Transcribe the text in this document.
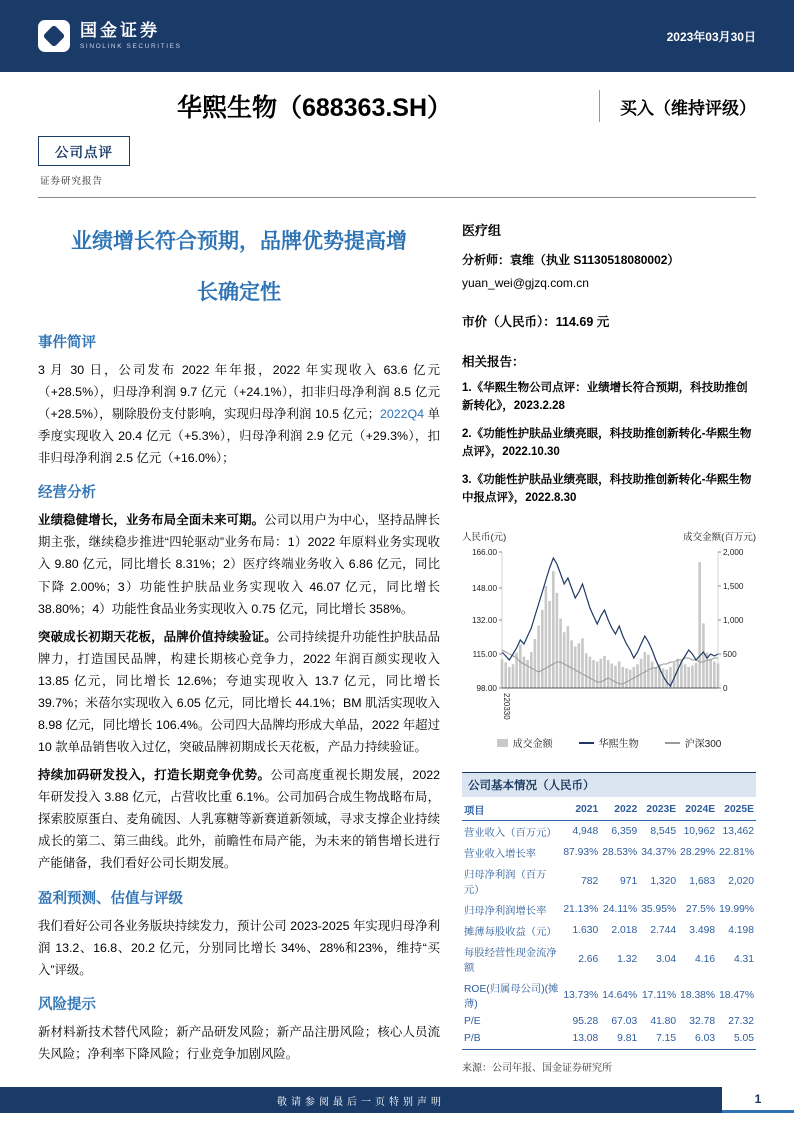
国金证券
SINOLINK SECURITIES
2023年03月30日
华熙生物（688363.SH）	买入（维持评级）
公司点评
证券研究报告
业绩增长符合预期，品牌优势提高增
长确定性
事件简评

3 月 30 日，公司发布 2022 年年报，2022 年实现收入 63.6 亿元（+28.5%），归母净利润 9.7 亿元（+24.1%），扣非归母净利润 8.5 亿元（+28.5%），剔除股份支付影响，实现归母净利润 10.5 亿元；2022Q4 单季度实现收入 20.4 亿元（+5.3%），归母净利润 2.9 亿元（+29.3%），扣非归母净利润 2.5 亿元（+16.0%）；

经营分析

业绩稳健增长，业务布局全面未来可期。公司以用户为中心，坚持品牌长期主张，继续稳步推进“四轮驱动”业务布局：1）2022 年原料业务实现收入 9.80 亿元，同比增长 8.31%；2）医疗终端业务收入 6.86 亿元，同比下降 2.00%；3）功能性护肤品业务实现收入 46.07 亿元，同比增长 38.80%；4）功能性食品业务实现收入 0.75 亿元，同比增长 358%。

突破成长初期天花板，品牌价值持续验证。公司持续提升功能性护肤品品牌力，打造国民品牌，构建长期核心竞争力，2022 年润百颜实现收入 13.85 亿元，同比增长 12.6%；夸迪实现收入 13.7 亿元，同比增长 39.7%；米蓓尔实现收入 6.05 亿元，同比增长 44.1%；BM 肌活实现收入 8.98 亿元，同比增长 106.4%。公司四大品牌均形成大单品，2022 年超过 10 款单品销售收入过亿，突破品牌初期成长天花板，产品力持续验证。

持续加码研发投入，打造长期竞争优势。公司高度重视长期发展，2022 年研发投入 3.88 亿元，占营收比重 6.1%。公司加码合成生物战略布局，探索胶原蛋白、麦角硫因、人乳寡糖等新赛道新领域，寻求支撑企业持续成长的第二、第三曲线。此外，前瞻性布局产能，为未来的销售增长进行产能储备，我们看好公司长期发展。

盈利预测、估值与评级

我们看好公司各业务版块持续发力，预计公司 2023-2025 年实现归母净利润 13.2、16.8、20.2 亿元，分别同比增长 34%、28%和23%，维持“买入”评级。

风险提示

新材料新技术替代风险；新产品研发风险；新产品注册风险；核心人员流失风险；净利率下降风险；行业竞争加剧风险。

医疗组
分析师：袁维（执业 S1130518080002）
yuan_wei@gjzq.com.cn
市价（人民币）：114.69 元
相关报告：
1.《华熙生物公司点评：业绩增长符合预期，科技助推创新转化》，2023.2.28
2.《功能性护肤品业绩亮眼，科技助推创新转化-华熙生物点评》，2022.10.30
3.《功能性护肤品业绩亮眼，科技助推创新转化-华熙生物中报点评》，2022.8.30
人民币(元)	成交金额(百万元)
166.00
148.00
132.00
115.00
98.00
2,000
1,500
1,000
500
0
220330
成交金额	华熙生物	沪深300
公司基本情况（人民币）
项目	2021	2022	2023E	2024E	2025E
营业收入（百万元）	4,948	6,359	8,545	10,962	13,462
营业收入增长率	87.93%	28.53%	34.37%	28.29%	22.81%
归母净利润（百万元）	782	971	1,320	1,683	2,020
归母净利润增长率	21.13%	24.11%	35.95%	27.5%	19.99%
摊薄每股收益（元）	1.630	2.018	2.744	3.498	4.198
每股经营性现金流净额	2.66	1.32	3.04	4.16	4.31
ROE(归属母公司)(摊薄)	13.73%	14.64%	17.11%	18.38%	18.47%
P/E	95.28	67.03	41.80	32.78	27.32
P/B	13.08	9.81	7.15	6.03	5.05
来源：公司年报、国金证券研究所
敬请参阅最后一页特别声明	1
